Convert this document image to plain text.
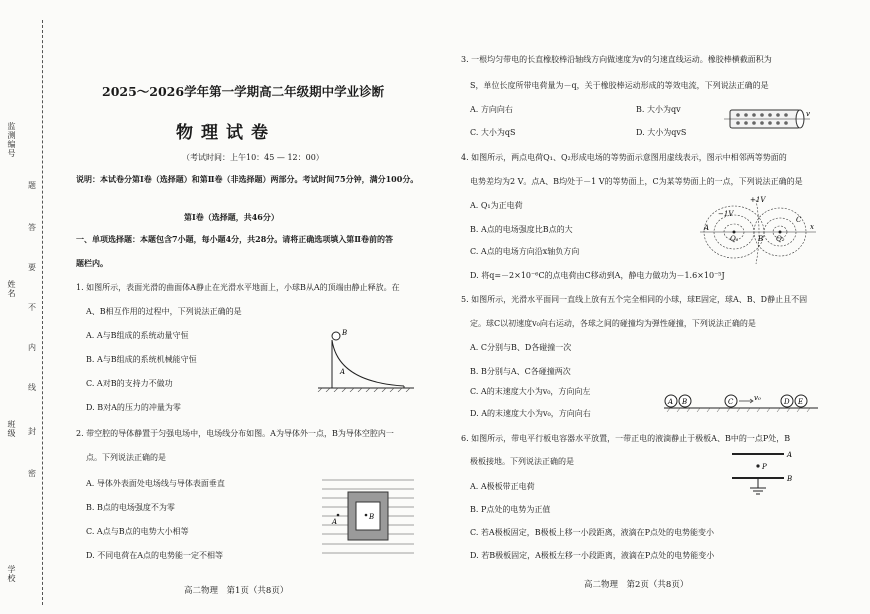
监测编号
姓名
班级
学校
题
答
要
不
内
线
封
密
2025～2026学年第一学期高二年级期中学业诊断
物理试卷
（考试时间：上午10：45 — 12：00）
说明：本试卷分第Ⅰ卷（选择题）和第Ⅱ卷（非选择题）两部分。考试时间75分钟，满分100分。
第Ⅰ卷（选择题，共46分）
一、单项选择题：本题包含7小题，每小题4分，共28分。请将正确选项填入第Ⅱ卷前的答
题栏内。
1. 如图所示，表面光滑的曲面体A静止在光滑水平地面上，小球B从A的顶端由静止释放。在
A、B相互作用的过程中，下列说法正确的是
A. A与B组成的系统动量守恒
B. A与B组成的系统机械能守恒
C. A对B的支持力不做功
D. B对A的压力的冲量为零
B
A
2. 带空腔的导体静置于匀强电场中，电场线分布如图。A为导体外一点，B为导体空腔内一
点。下列说法正确的是
A. 导体外表面处电场线与导体表面垂直
B. B点的电场强度不为零
C. A点与B点的电势大小相等
D. 不同电荷在A点的电势能一定不相等
A
B
高二物理　第1页（共8页）
3. 一根均匀带电的长直橡胶棒沿轴线方向做速度为v的匀速直线运动。橡胶棒横截面积为
S，单位长度所带电荷量为－q，关于橡胶棒运动形成的等效电流，下列说法正确的是
A. 方向向右	B. 大小为qv
C. 大小为qS	D. 大小为qvS
v
4. 如图所示，两点电荷Q₁、Q₂形成电场的等势面示意图用虚线表示，图示中相邻两等势面的
电势差均为2 V。点A、B均处于－1 V的等势面上，C为某等势面上的一点，下列说法正确的是
A. Q₁为正电荷
B. A点的电场强度比B点的大
C. A点的电场方向沿x轴负方向
D. 将q=－2×10⁻⁶C的点电荷由C移动到A，静电力做功为－1.6×10⁻⁵J
−1V
+1V
Q₁	Q₂
A
B
C
x
5. 如图所示，光滑水平面同一直线上放有五个完全相同的小球，球E固定，球A、B、D静止且不固
定。球C以初速度v₀向右运动，各球之间的碰撞均为弹性碰撞，下列说法正确的是
A. C分别与B、D各碰撞一次
B. B分别与A、C各碰撞两次
C. A的末速度大小为v₀，方向向左
D. A的末速度大小为v₀，方向向右
A B	C	v₀	D E
6. 如图所示，带电平行板电容器水平放置，一带正电的液滴静止于极板A、B中的一点P处，B
极板接地。下列说法正确的是
A. A极板带正电荷
B. P点处的电势为正值
C. 若A极板固定，B极板上移一小段距离，液滴在P点处的电势能变小
D. 若B极板固定，A极板左移一小段距离，液滴在P点处的电势能变小
A
P
B
高二物理　第2页（共8页）
